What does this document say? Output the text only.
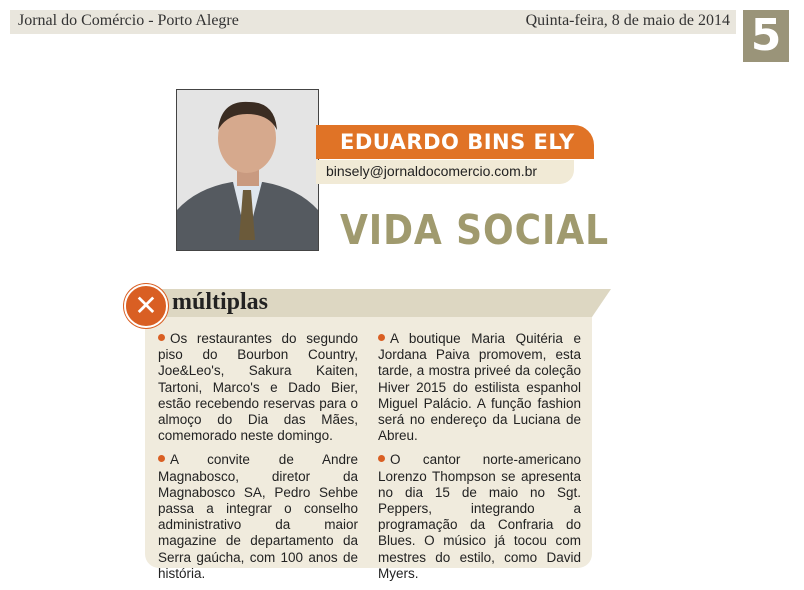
Jornal do Comércio - Porto Alegre	Quinta-feira, 8 de maio de 2014 5
EDUARDO BINS ELY
binsely@jornaldocomercio.com.br
VIDA SOCIAL
✕ múltiplas

Os restaurantes do segundo piso do Bourbon Country, Joe&Leo's, Sakura Kaiten, Tartoni, Marco's e Dado Bier, estão recebendo reservas para o almoço do Dia das Mães, comemorado neste domingo.

A convite de Andre Magnabosco, diretor da Magnabosco SA, Pedro Sehbe passa a integrar o conselho administrativo da maior magazine de departamento da Serra gaúcha, com 100 anos de história.

A boutique Maria Quitéria e Jordana Paiva promovem, esta tarde, a mostra priveé da coleção Hiver 2015 do estilista espanhol Miguel Palácio. A função fashion será no endereço da Luciana de Abreu.

O cantor norte-americano Lorenzo Thompson se apresenta no dia 15 de maio no Sgt. Peppers, integrando a programação da Confraria do Blues. O músico já tocou com mestres do estilo, como David Myers.
